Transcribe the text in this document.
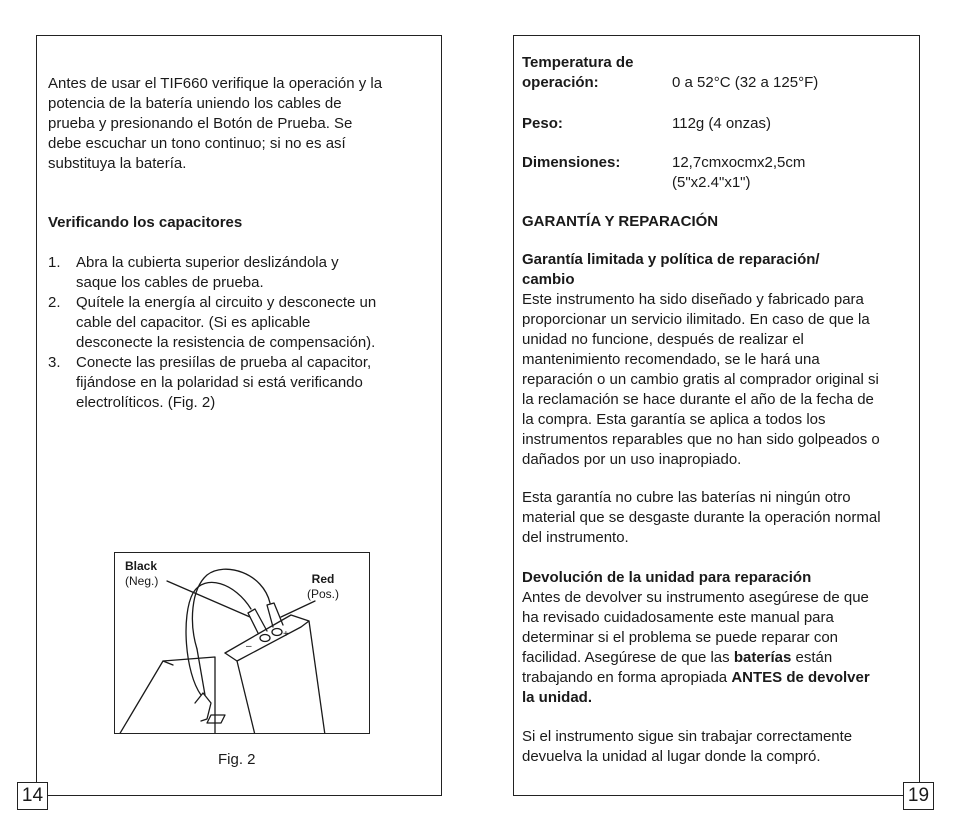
14

Antes de usar el TIF660 verifique la operación y la potencia de la batería uniendo los cables de prueba y presionando el Botón de Prueba. Se debe escuchar un tono continuo; si no es así substituya la batería.

Verificando los capacitores

1. Abra la cubierta superior deslizándola y saque los cables de prueba.
2. Quítele la energía al circuito y desconecte un cable del capacitor. (Si es aplicable desconecte la resistencia de compensación).
3. Conecte las presiílas de prueba al capacitor, fijándose en la polaridad si está verificando electrolíticos. (Fig. 2)
–
+
Black
(Neg.)	Red
(Pos.)
Fig. 2
19
Temperatura de operación:	0 a 52°C (32 a 125°F)
Peso:	112g (4 onzas)
Dimensiones:	12,7cmxocmx2,5cm (5"x2.4"x1")

GARANTÍA Y REPARACIÓN

Garantía limitada y política de reparación/ cambio

Este instrumento ha sido diseñado y fabricado para proporcionar un servicio ilimitado. En caso de que la unidad no funcione, después de realizar el mantenimiento recomendado, se le hará una reparación o un cambio gratis al comprador original si la reclamación se hace durante el año de la fecha de la compra. Esta garantía se aplica a todos los instrumentos reparables que no han sido golpeados o dañados por un uso inapropiado.

Esta garantía no cubre las baterías ni ningún otro material que se desgaste durante la operación normal del instrumento.

Devolución de la unidad para reparación

Antes de devolver su instrumento asegúrese de que ha revisado cuidadosamente este manual para determinar si el problema se puede reparar con facilidad. Asegúrese de que las baterías están trabajando en forma apropiada ANTES de devolver la unidad.

Si el instrumento sigue sin trabajar correctamente devuelva la unidad al lugar donde la compró.
